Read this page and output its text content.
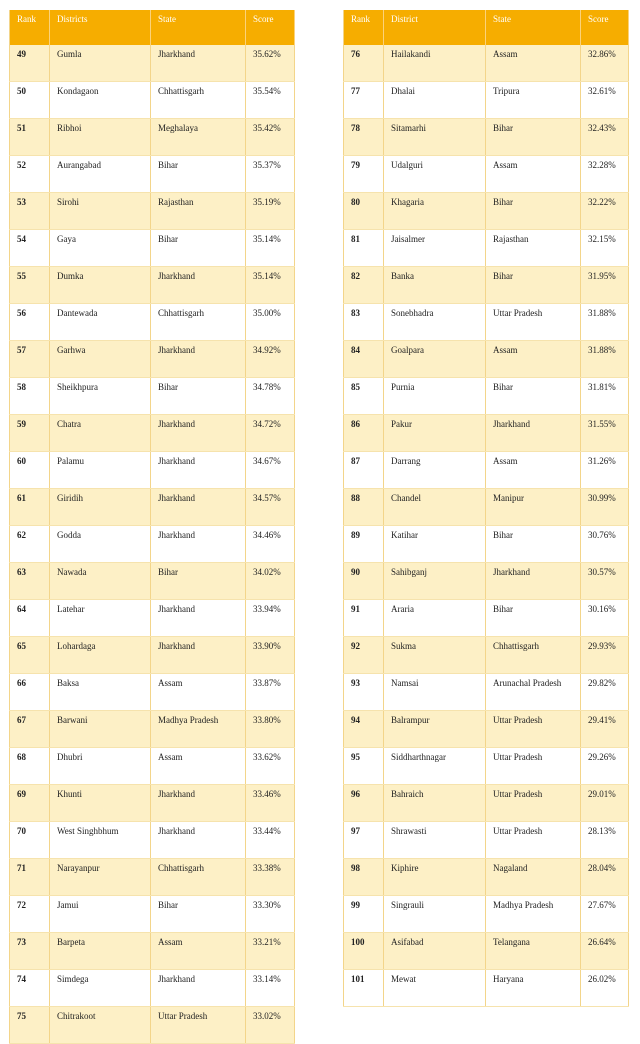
Rank	Districts	State	Score
49	Gumla	Jharkhand	35.62%
50	Kondagaon	Chhattisgarh	35.54%
51	Ribhoi	Meghalaya	35.42%
52	Aurangabad	Bihar	35.37%
53	Sirohi	Rajasthan	35.19%
54	Gaya	Bihar	35.14%
55	Dumka	Jharkhand	35.14%
56	Dantewada	Chhattisgarh	35.00%
57	Garhwa	Jharkhand	34.92%
58	Sheikhpura	Bihar	34.78%
59	Chatra	Jharkhand	34.72%
60	Palamu	Jharkhand	34.67%
61	Giridih	Jharkhand	34.57%
62	Godda	Jharkhand	34.46%
63	Nawada	Bihar	34.02%
64	Latehar	Jharkhand	33.94%
65	Lohardaga	Jharkhand	33.90%
66	Baksa	Assam	33.87%
67	Barwani	Madhya Pradesh	33.80%
68	Dhubri	Assam	33.62%
69	Khunti	Jharkhand	33.46%
70	West Singhbhum	Jharkhand	33.44%
71	Narayanpur	Chhattisgarh	33.38%
72	Jamui	Bihar	33.30%
73	Barpeta	Assam	33.21%
74	Simdega	Jharkhand	33.14%
75	Chitrakoot	Uttar Pradesh	33.02%
Rank	District	State	Score
76	Hailakandi	Assam	32.86%
77	Dhalai	Tripura	32.61%
78	Sitamarhi	Bihar	32.43%
79	Udalguri	Assam	32.28%
80	Khagaria	Bihar	32.22%
81	Jaisalmer	Rajasthan	32.15%
82	Banka	Bihar	31.95%
83	Sonebhadra	Uttar Pradesh	31.88%
84	Goalpara	Assam	31.88%
85	Purnia	Bihar	31.81%
86	Pakur	Jharkhand	31.55%
87	Darrang	Assam	31.26%
88	Chandel	Manipur	30.99%
89	Katihar	Bihar	30.76%
90	Sahibganj	Jharkhand	30.57%
91	Araria	Bihar	30.16%
92	Sukma	Chhattisgarh	29.93%
93	Namsai	Arunachal Pradesh	29.82%
94	Balrampur	Uttar Pradesh	29.41%
95	Siddharthnagar	Uttar Pradesh	29.26%
96	Bahraich	Uttar Pradesh	29.01%
97	Shrawasti	Uttar Pradesh	28.13%
98	Kiphire	Nagaland	28.04%
99	Singrauli	Madhya Pradesh	27.67%
100	Asifabad	Telangana	26.64%
101	Mewat	Haryana	26.02%
